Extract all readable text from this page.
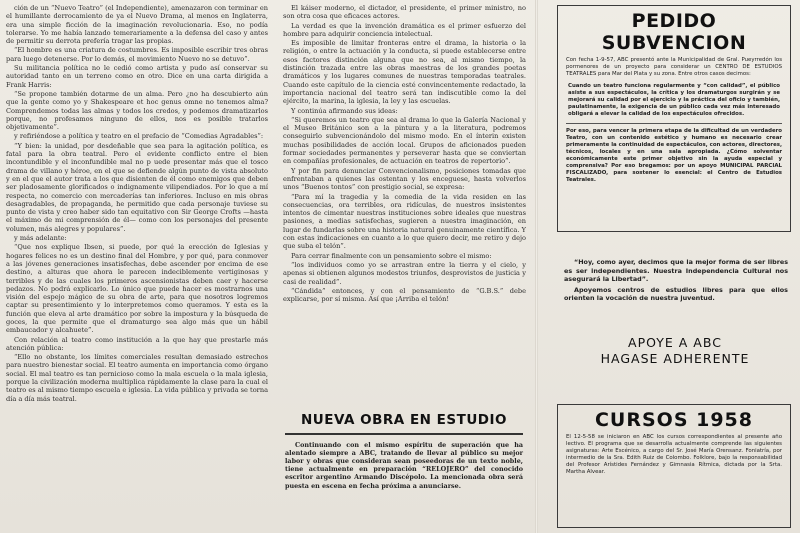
ción de un “Nuevo Teatro” (el Independiente), amenazaron con terminar en el humillante derrocamiento de ya el Nuevo Drama, al menos en Inglaterra, era una simple ficción de la imaginación revolucionaria. Eso, no podía tolerarse. Yo me había lanzado temerariamente a la defensa del caso y antes de permitir su derrota prefería tragar las propias.

“El hombre es una criatura de costumbres. Es imposible escribir tres obras para luego detenerse. Por lo demás, el movimiento Nuevo no se detuvo”.

Su militancia política no le cedió como artista y pudo así conservar su autoridad tanto en un terreno como en otro. Dice en una carta dirigida a Frank Harris:

“Se propone también dotarme de un alma. Pero ¿no ha descubierto aún que la gente como yo y Shakespeare et hoc genus omne no tenemos alma? Comprendemos todas las almas y todos los credos, y podemos dramatizarlos porque, no profesamos ninguno de ellos, nos es posible tratarlos objetivamente”.

y refiriéndose a política y teatro en el prefacio de “Comedias Agradables”:

“Y bien: la unidad, por desdeñable que sea para la agitación política, es fatal para la obra teatral. Pero el evidente conflicto entre el bien incontundible y el inconfundible mal no p uede presentar más que el tosco drama de villano y héroe, en el que se defiende algún punto de vista absoluto y en el que el autor trata a los que disienten de él como enemigos que deben ser pladosamente glorificados o indignamente vilipendiados. Por lo que a mí respecta, no comercio con mercaderías tan inferiores. Incluso en mis obras desagradables, de propaganda, he permitido que cada personaje tuviese su punto de vista y creo haber sido tan equitativo con Sir George Crofts —hasta el máximo de mi comprensión de él— como con los personajes del presente volumen, más alegres y populares”.

y más adelante:

“Que nos explique Ibsen, si puede, por qué la erección de Iglesias y hogares felices no es un destino final del Hombre, y por qué, para conmover a las jóvenes generaciones insatisfechas, debe ascender por encima de ese destino, a alturas que ahora le parecen indeciblemente vertiginosas y terribles y de las cuales los primeros ascensionistas deben caer y hacerse pedazos. No podrá explicarlo. Lo único que puede hacer es mostrarnos una visión del espejo mágico de su obra de arte, para que nosotros logremos captar su presentimiento y lo interpretemos como queramos. Y esta es la función que eleva al arte dramático por sobre la impostura y la búsqueda de goces, la que permite que el dramaturgo sea algo más que un hábil embaucador y alcahuete”.

Con relación al teatro como institución a la que hay que prestarle más atención pública:

“Ello no obstante, los límites comerciales resultan demasiado estrechos para nuestro bienestar social. El teatro aumenta en importancia como órgano social. El mal teatro es tan pernicioso como la mala escuela o la mala iglesia, porque la civilización moderna multiplica rápidamente la clase para la cual el teatro es al mismo tiempo escuela e iglesia. La vida pública y privada se torna día a día más teatral.

El káiser moderno, el dictador, el presidente, el primer ministro, no son otra cosa que eficaces actores.

La verdad es que la invención dramática es el primer esfuerzo del hombre para adquirir conciencia intelectual.

Es imposible de limitar fronteras entre el drama, la historia o la religión, o entre la actuación y la conducta, si puede establecerse entre esos factores distinción alguna que no sea, al mismo tiempo, la distinción trazada entre las obras maestras de los grandes poetas dramáticos y los lugares comunes de nuestras temporadas teatrales. Cuando este capítulo de la ciencia esté convincentemente redactado, la importancia nacional del teatro será tan indiscutible como la del ejército, la marina, la iglesia, la ley y las escuelas.

Y continúa afirmando sus ideas:

“Si queremos un teatro que sea al drama lo que la Galería Nacional y el Museo Británico son a la pintura y a la literatura, podremos conseguirlo subvencionándolo del mismo modo. En el ínterin existen muchas posibilidades de acción local. Grupos de aficionados pueden formar sociedades permanentes y perseverar hasta que se conviertan en compañías profesionales, de actuación en teatros de repertorio”.

Y por fin para denunciar Convencionalismo, posiciones tomadas que enfrentaban a quienes las ostentan y los enceguese, hasta volverlos unos “Buenos tontos” con prestigio social, se expresa:

“Para mí la tragedia y la comedia de la vida residen en las consecuencias, ora terribles, ora ridículas, de nuestros insistentes intentos de cimentar nuestras instituciones sobre ideales que nuestras pasiones, a medias satisfechas, sugieren a nuestra imaginación, en lugar de fundarlas sobre una historia natural genuinamente científica. Y con estas indicaciones en cuanto a lo que quiero decir, me retiro y dejo que suba el telón”.

Para cerrar finalmente con un pensamiento sobre el mismo:

“los individuos como yo se arrastran entre la tierra y el cielo, y apenas si obtienen algunos modestos triunfos, desprovistos de justicia y casi de realidad”.

“Cándida” entonces, y con el pensamiento de “G.B.S.” debe explicarse, por sí misma. Así que ¡Arriba el telón!

NUEVA OBRA EN ESTUDIO
Continuando con el mismo espíritu de superación que ha alentado siempre a ABC, tratando de llevar al público su mejor labor y obras que consideran sean poseedoras de un texto noble, tiene actualmente en preparación “RELOJERO” del conocido escritor argentino Armando Discépolo. La mencionada obra será puesta en escena en fecha próxima a anunciarse.
PEDIDO SUBVENCION
Con fecha 1-9-57, ABC presentó ante la Municipalidad de Gral. Pueyrredón los pormenores de un proyecto para considerar un CENTRO DE ESTUDIOS TEATRALES para Mar del Plata y su zona. Entre otros casos decimos:
Cuando un teatro funciona regularmente y “con calidad”, el público asiste a sus espectáculos, la crítica y los dramaturgos surgirán y se mejorará su calidad por el ejercicio y la práctica del oficio y también, paulatinamente, la exigencia de un público cada vez más interesado obligará a elevar la calidad de los espectáculos ofrecidos.
Por eso, para vencer la primera etapa de la dificultad de un verdadero Teatro, con un contenido estético y humano es necesario crear primeramente la continuidad de espectáculos, con actores, directores, técnicos, locales y en una sala apropiada. ¿Cómo solventar económicamente este primer objetivo sin la ayuda especial y comprensiva? Por eso bregamos: por un apoyo MUNICIPAL PARCIAL FISCALIZADO, para sostener lo esencial: el Centro de Estudios Teatrales.

“Hoy, como ayer, decimos que la mejor forma de ser libres es ser independientes. Nuestra Independencia Cultural nos asegurará la Libertad”.

Apoyemos centros de estudios libres para que ellos orienten la vocación de nuestra juventud.

APOYE A ABC
HAGASE ADHERENTE
CURSOS 1958
El 12-5-58 se iniciaron en ABC los cursos correspondientes al presente año lectivo. El programa que se desarrolla actualmente comprende las siguientes asignaturas: Arte Escénico, a cargo del Sr. José María Orensanz. Foniatría, por intermedio de la Sra. Edith Ruiz de Colombo. Folklore, bajo la responsabilidad del Profesor Arístides Fernández y Gimnasia Rítmica, dictada por la Srta. Martha Alvear.
